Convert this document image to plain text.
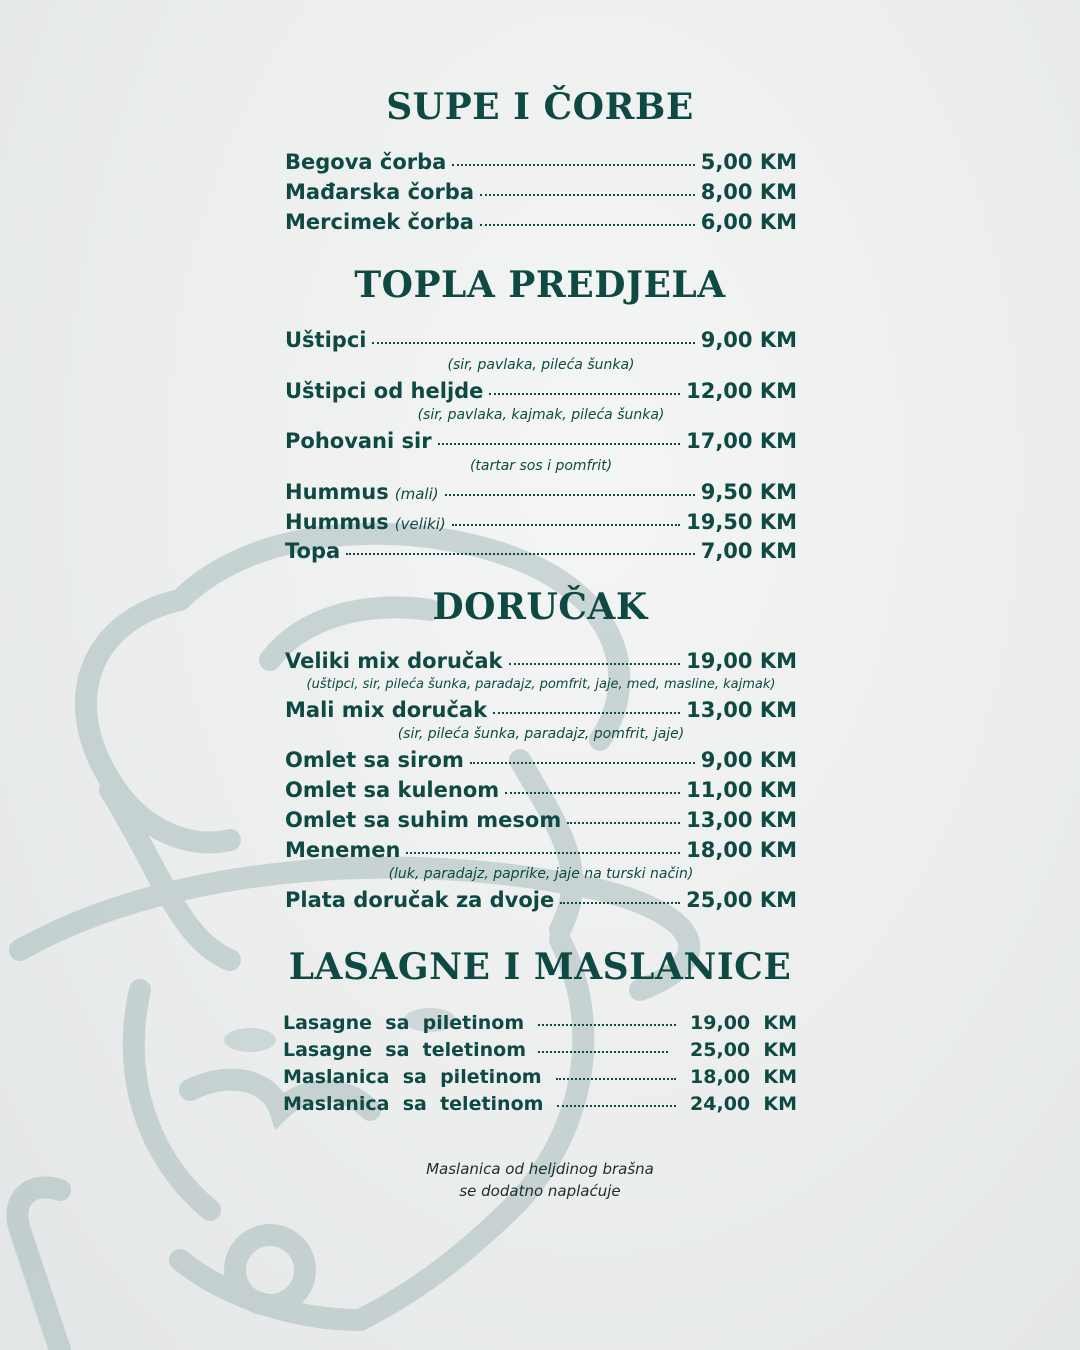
SUPE I ČORBE
Begova čorba	5,00 KM
Mađarska čorba	8,00 KM
Mercimek čorba	6,00 KM
TOPLA PREDJELA
Uštipci	9,00 KM
(sir, pavlaka, pileća šunka)
Uštipci od heljde	12,00 KM
(sir, pavlaka, kajmak, pileća šunka)
Pohovani sir	17,00 KM
(tartar sos i pomfrit)
Hummus (mali)	9,50 KM
Hummus (veliki)	19,50 KM
Topa	7,00 KM
DORUČAK
Veliki mix doručak	19,00 KM
(uštipci, sir, pileća šunka, paradajz, pomfrit, jaje, med, masline, kajmak)
Mali mix doručak	13,00 KM
(sir, pileća šunka, paradajz, pomfrit, jaje)
Omlet sa sirom	9,00 KM
Omlet sa kulenom	11,00 KM
Omlet sa suhim mesom	13,00 KM
Menemen	18,00 KM
(luk, paradajz, paprike, jaje na turski način)
Plata doručak za dvoje	25,00 KM
LASAGNE I MASLANICE
Lasagne  sa  piletinom	19,00  KM
Lasagne  sa  teletinom	25,00  KM
Maslanica  sa  piletinom	18,00  KM
Maslanica  sa  teletinom	24,00  KM
Maslanica od heljdinog brašna
se dodatno naplaćuje
